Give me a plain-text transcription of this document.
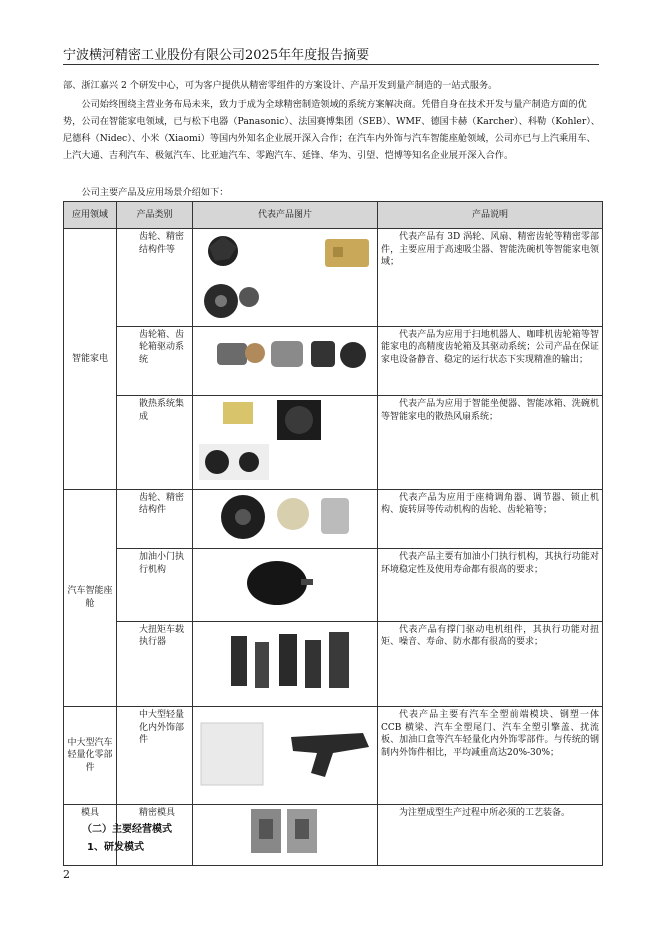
宁波横河精密工业股份有限公司2025年年度报告摘要
部、浙江嘉兴 2 个研发中心，可为客户提供从精密零组件的方案设计、产品开发到量产制造的一站式服务。
公司始终围绕主营业务布局未来，致力于成为全球精密制造领域的系统方案解决商。凭借自身在技术开发与量产制造方面的优势，公司在智能家电领域，已与松下电器（Panasonic）、法国赛博集团（SEB）、WMF、德国卡赫（Karcher）、科勒（Kohler）、尼德科（Nidec）、小米（Xiaomi）等国内外知名企业展开深入合作；在汽车内外饰与汽车智能座舱领域，公司亦已与上汽乘用车、上汽大通、吉利汽车、极氪汽车、比亚迪汽车、零跑汽车、延锋、华为、引望、恺博等知名企业展开深入合作。
公司主要产品及应用场景介绍如下：
应用领域	产品类别	代表产品图片	产品说明
智能家电	齿轮、精密结构件等		代表产品有 3D 涡轮、风扇、精密齿轮等精密零部件，主要应用于高速吸尘器、智能洗碗机等智能家电领域；
	齿轮箱、齿轮箱驱动系统		代表产品为应用于扫地机器人、咖啡机齿轮箱等智能家电的高精度齿轮箱及其驱动系统；公司产品在保证家电设备静音、稳定的运行状态下实现精准的输出；
	散热系统集成		代表产品为应用于智能坐便器、智能冰箱、洗碗机等智能家电的散热风扇系统；
汽车智能座舱	齿轮、精密结构件		代表产品为应用于座椅调角器、调节器、锁止机构、旋转屏等传动机构的齿轮、齿轮箱等；
	加油小门执行机构		代表产品主要有加油小门执行机构，其执行功能对环境稳定性及使用寿命都有很高的要求；
	大扭矩车载执行器		代表产品有撑门驱动电机组件，其执行功能对扭矩、噪音、寿命、防水都有很高的要求；
中大型汽车轻量化零部件	中大型轻量化内外饰部件		代表产品主要有汽车全塑前端模块、钢塑一体 CCB 横梁、汽车全塑尾门、汽车全塑引擎盖、扰流板、加油口盒等汽车轻量化内外饰零部件。与传统的钢制内外饰件相比，平均减重高达20%-30%；
模具	精密模具		为注塑成型生产过程中所必须的工艺装备。
（二）主要经营模式
1、研发模式
2
